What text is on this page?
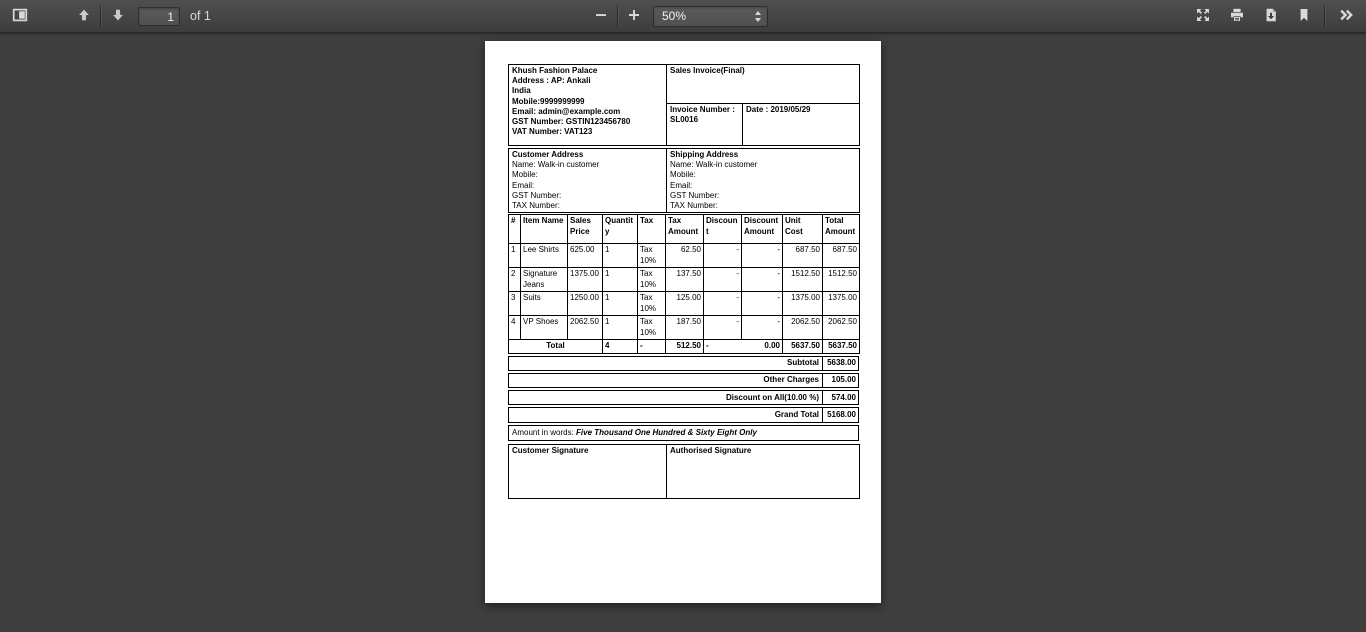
1
of 1	50%
Khush Fashion Palace
Address : AP: Ankali
India
Mobile:9999999999
Email: admin@example.com
GST Number: GSTIN123456780
VAT Number: VAT123
	Sales Invoice(Final)

	Invoice Number :
SL0016	Date : 2019/05/29
Customer Address
Name: Walk-in customer
Mobile:
Email:
GST Number:
TAX Number:

Shipping Address
Name: Walk-in customer
Mobile:
Email:
GST Number:
TAX Number:
#	Item Name	Sales Price	Quantity	Tax	Tax Amount	Discount	Discount Amount	Unit Cost	Total Amount
1	Lee Shirts	625.00	1	Tax 10%	62.50	-	-	687.50	687.50
2	Signature Jeans	1375.00	1	Tax 10%	137.50	-	-	1512.50	1512.50
3	Suits	1250.00	1	Tax 10%	125.00	-	-	1375.00	1375.00
4	VP Shoes	2062.50	1	Tax 10%	187.50	-	-	2062.50	2062.50
Total			4	-	512.50	-	0.00	5637.50	5637.50
Subtotal	5638.00
Other Charges	105.00
Discount on All(10.00 %)	574.00
Grand Total	5168.00
Amount in words: Five Thousand One Hundred & Sixty Eight Only
Customer Signature	Authorised Signature
